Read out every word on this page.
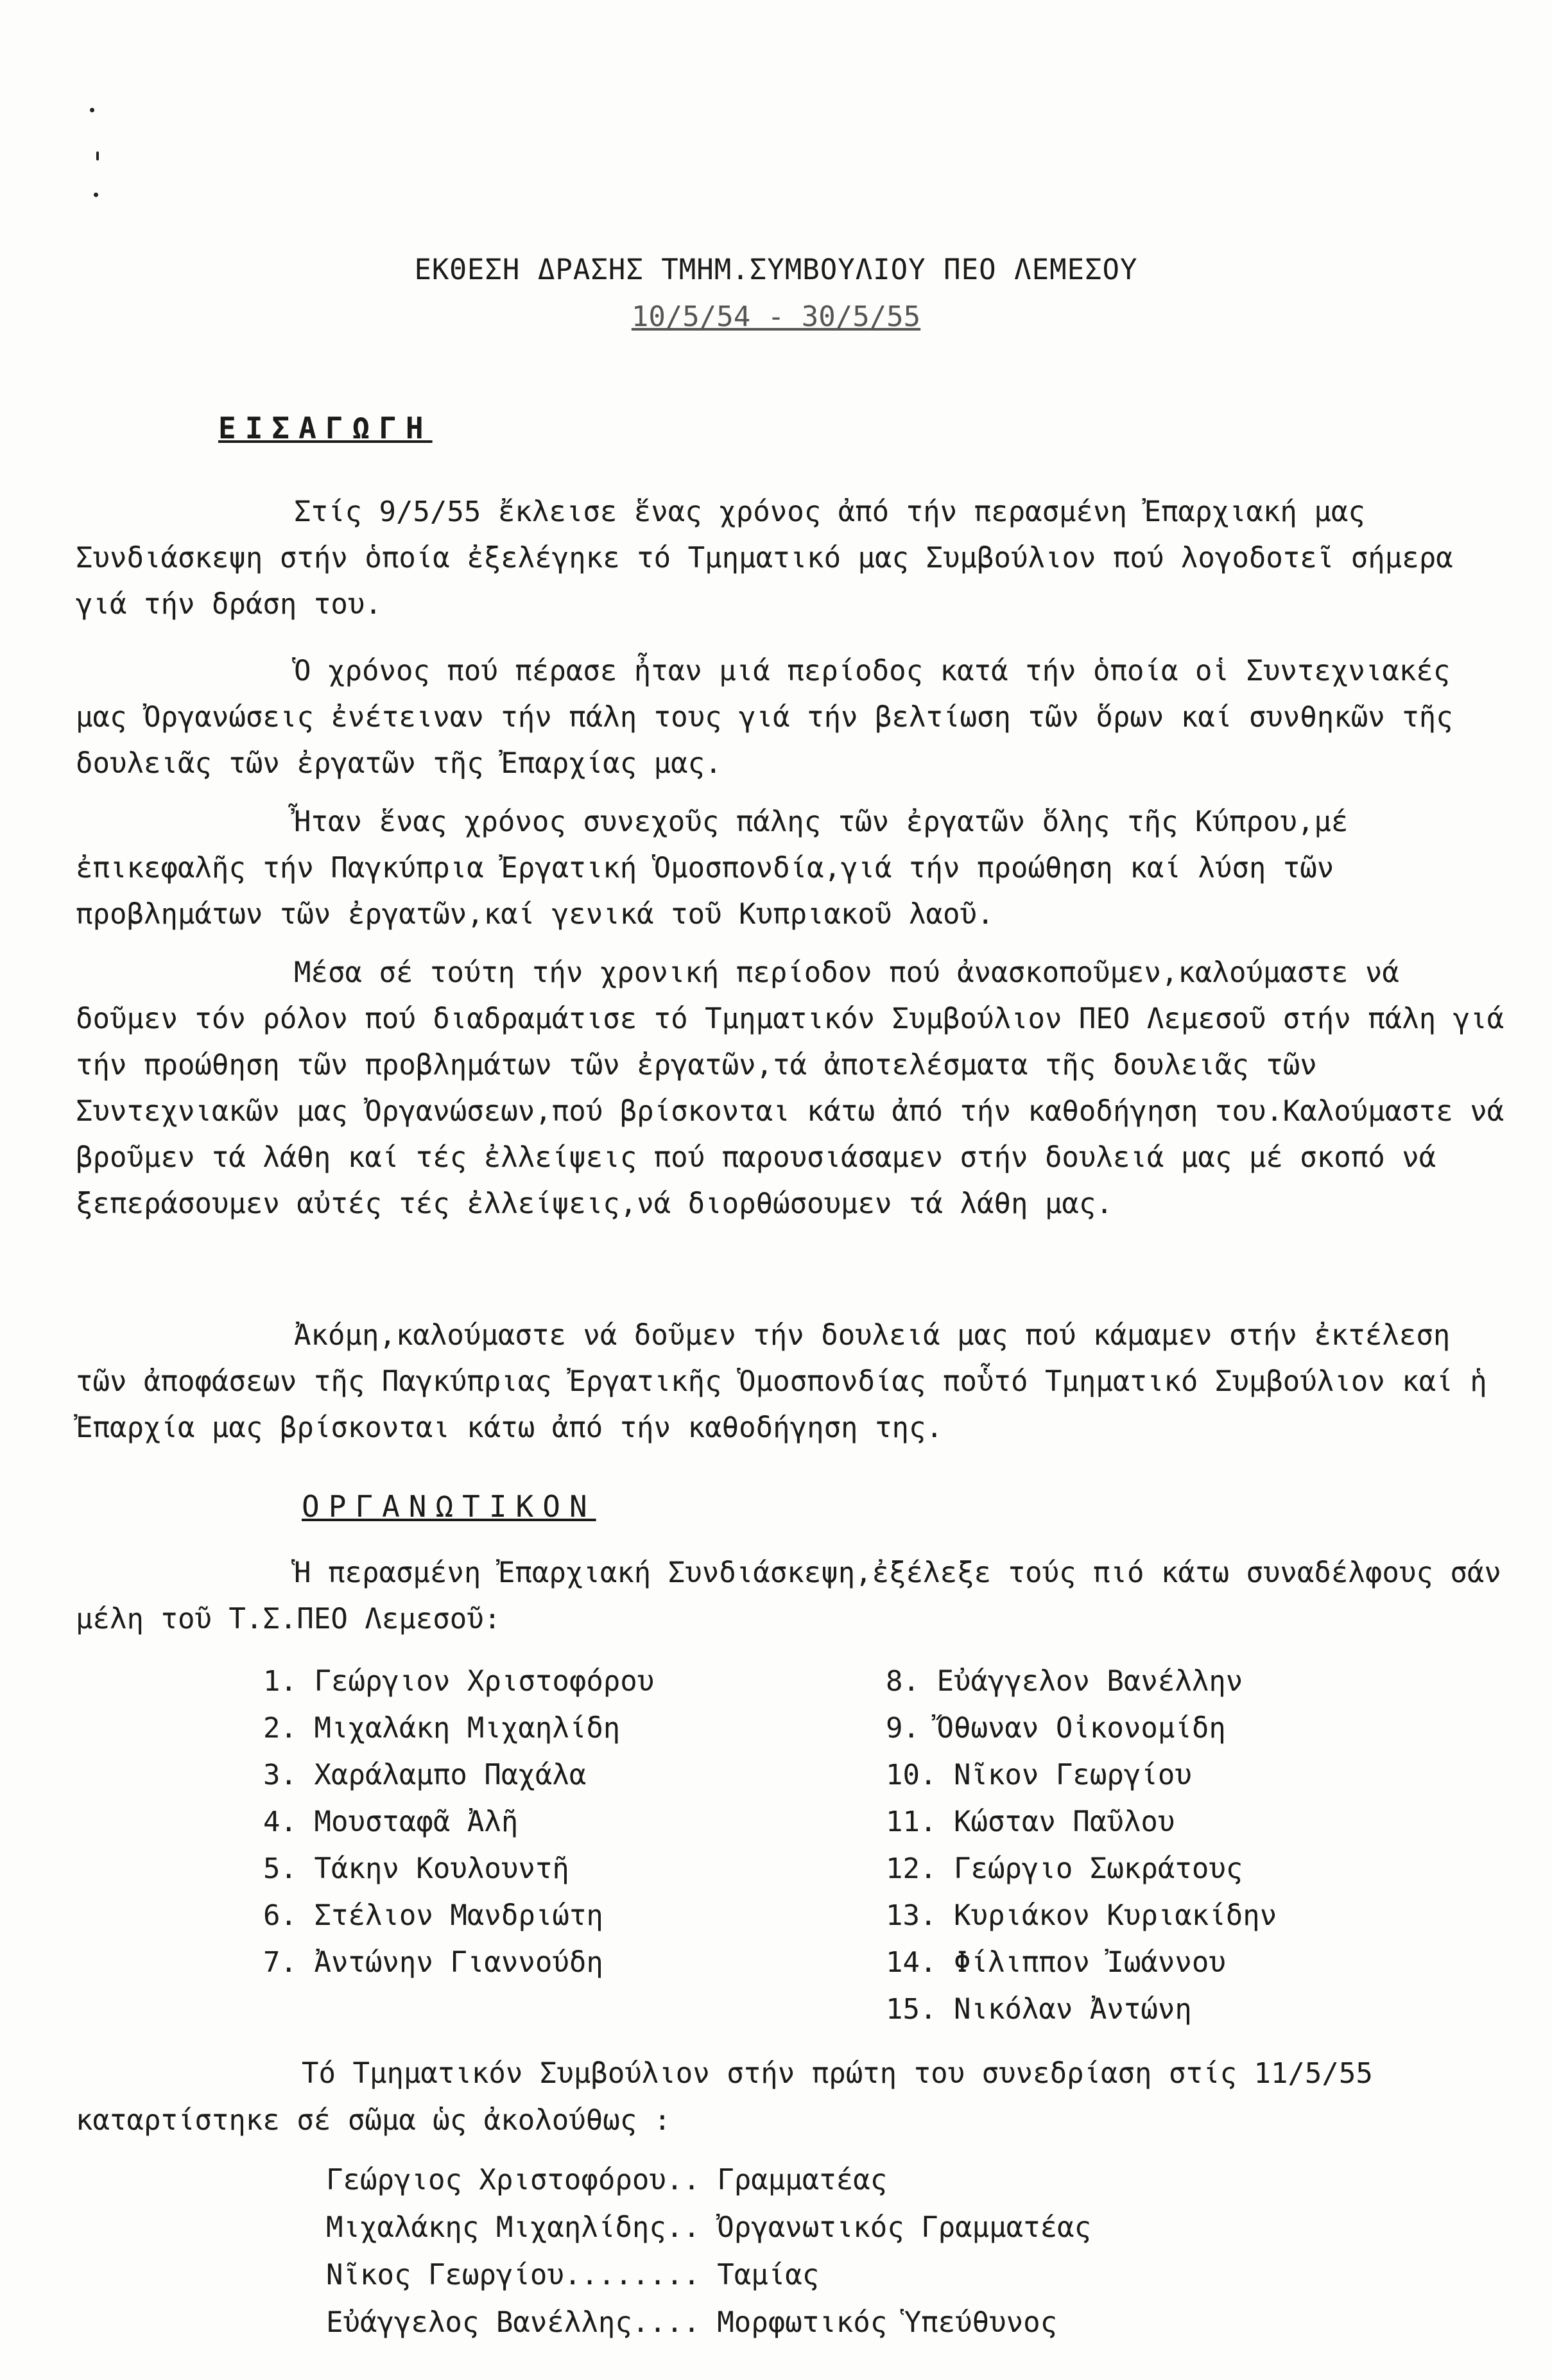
ΕΚΘΕΣΗ ΔΡΑΣΗΣ ΤΜΗΜ.ΣΥΜΒΟΥΛΙΟΥ ΠΕΟ ΛΕΜΕΣΟΥ
10/5/54 - 30/5/55
ΕΙΣΑΓΩΓΗ

Στίς 9/5/55 ἔκλεισε ἕνας χρόνος ἀπό τήν περασμένη Ἐπαρχιακή μας Συνδιάσκεψη στήν ὁποία ἐξελέγηκε τό Τμηματικό μας Συμβούλιον πού λογοδοτεῖ σήμερα γιά τήν δράση του.

Ὁ χρόνος πού πέρασε ἦταν μιά περίοδος κατά τήν ὁποία οἱ Συντεχνιακές μας Ὀργανώσεις ἐνέτειναν τήν πάλη τους γιά τήν βελτίωση τῶν ὅρων καί συνθηκῶν τῆς δουλειᾶς τῶν ἐργατῶν τῆς Ἐπαρχίας μας.

Ἦταν ἕνας χρόνος συνεχοῦς πάλης τῶν ἐργατῶν ὅλης τῆς Κύπρου,μέ ἐπικεφαλῆς τήν Παγκύπρια Ἐργατική Ὁμοσπονδία,γιά τήν προώθηση καί λύση τῶν προβλημάτων τῶν ἐργατῶν,καί γενικά τοῦ Κυπριακοῦ λαοῦ.

Μέσα σέ τούτη τήν χρονική περίοδον πού ἀνασκοποῦμεν,καλούμαστε νά δοῦμεν τόν ρόλον πού διαδραμάτισε τό Τμηματικόν Συμβούλιον ΠΕΟ Λεμεσοῦ στήν πάλη γιά τήν προώθηση τῶν προβλημάτων τῶν ἐργατῶν,τά ἀποτελέσματα τῆς δουλειᾶς τῶν Συντεχνιακῶν μας Ὀργανώσεων,πού βρίσκονται κάτω ἀπό τήν καθοδήγηση του.Καλούμαστε νά βροῦμεν τά λάθη καί τές ἐλλείψεις πού παρουσιάσαμεν στήν δουλειά μας μέ σκοπό νά ξεπεράσουμεν αὐτές τές ἐλλείψεις,νά διορθώσουμεν τά λάθη μας.

Ἀκόμη,καλούμαστε νά δοῦμεν τήν δουλειά μας πού κάμαμεν στήν ἐκτέλεση τῶν ἀποφάσεων τῆς Παγκύπριας Ἐργατικῆς Ὁμοσπονδίας ποὗτό Τμηματικό Συμβούλιον καί ἡ Ἐπαρχία μας βρίσκονται κάτω ἀπό τήν καθοδήγηση της.

ΟΡΓΑΝΩΤΙΚΟΝ

Ἡ περασμένη Ἐπαρχιακή Συνδιάσκεψη,ἐξέλεξε τούς πιό κάτω συναδέλφους σάν μέλη τοῦ Τ.Σ.ΠΕΟ Λεμεσοῦ:

1. Γεώργιον Χριστοφόρου
2. Μιχαλάκη Μιχαηλίδη
3. Χαράλαμπο Παχάλα
4. Μουσταφᾶ Ἀλῆ
5. Τάκην Κουλουντῆ
6. Στέλιον Μανδριώτη
7. Ἀντώνην Γιαννούδη
8. Εὐάγγελον Βανέλλην
9. Ὄθωναν Οἰκονομίδη
10. Νῖκον Γεωργίου
11. Κώσταν Παῦλου
12. Γεώργιο Σωκράτους
13. Κυριάκον Κυριακίδην
14. Φίλιππον Ἰωάννου
15. Νικόλαν Ἀντώνη

Τό Τμηματικόν Συμβούλιον στήν πρώτη του συνεδρίαση στίς 11/5/55

καταρτίστηκε σέ σῶμα ὡς ἀκολούθως :

Γεώργιος Χριστοφόρου.. Γραμματέας
Μιχαλάκης Μιχαηλίδης.. Ὀργανωτικός Γραμματέας
Νῖκος Γεωργίου........ Ταμίας
Εὐάγγελος Βανέλλης.... Μορφωτικός Ὑπεύθυνος
